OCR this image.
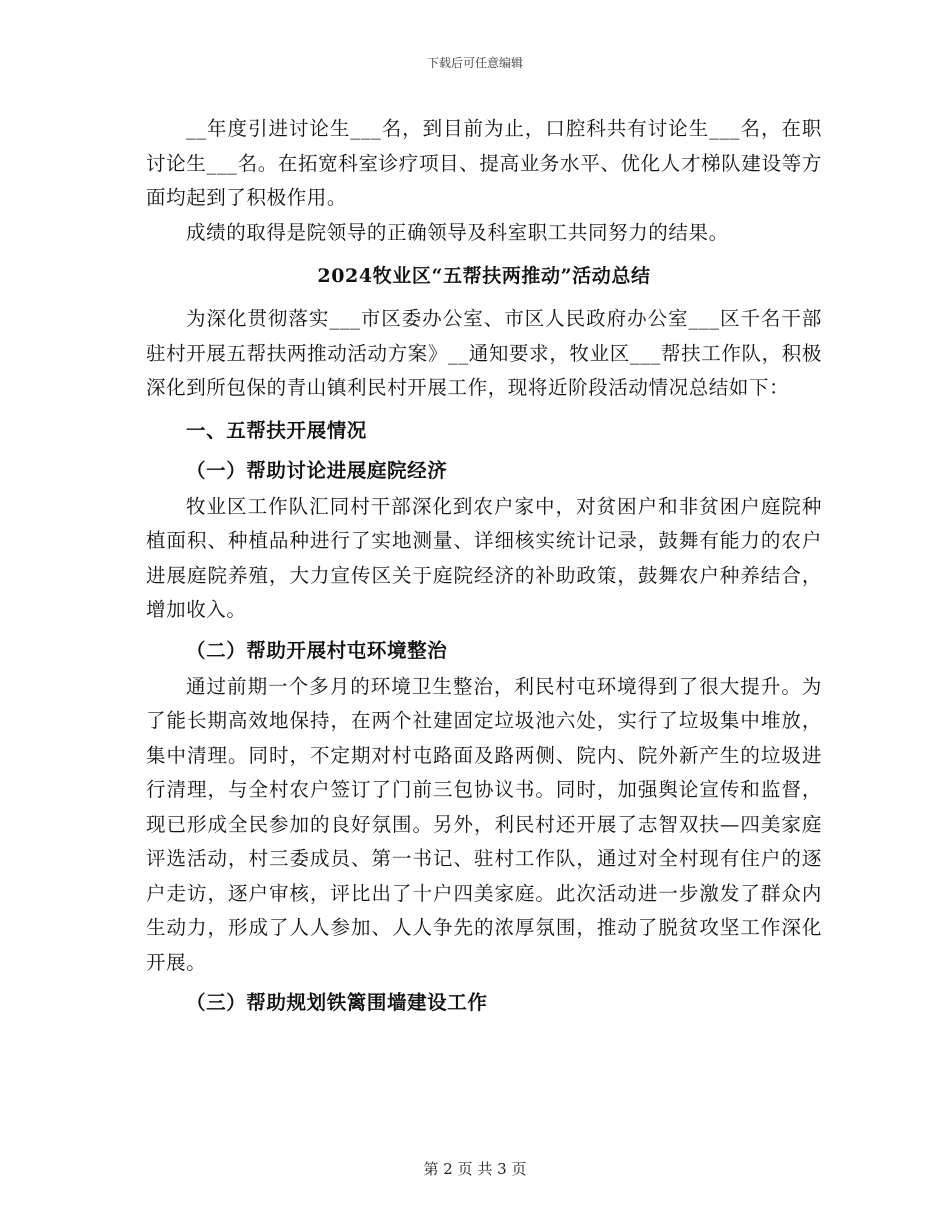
下载后可任意编辑

__年度引进讨论生___名，到目前为止，口腔科共有讨论生___名，在职讨论生___名。在拓宽科室诊疗项目、提高业务水平、优化人才梯队建设等方面均起到了积极作用。

成绩的取得是院领导的正确领导及科室职工共同努力的结果。

2024牧业区“五帮扶两推动”活动总结

为深化贯彻落实___市区委办公室、市区人民政府办公室___区千名干部驻村开展五帮扶两推动活动方案》__通知要求，牧业区___帮扶工作队，积极深化到所包保的青山镇利民村开展工作，现将近阶段活动情况总结如下：

一、五帮扶开展情况
（一）帮助讨论进展庭院经济

牧业区工作队汇同村干部深化到农户家中，对贫困户和非贫困户庭院种植面积、种植品种进行了实地测量、详细核实统计记录，鼓舞有能力的农户进展庭院养殖，大力宣传区关于庭院经济的补助政策，鼓舞农户种养结合，增加收入。

（二）帮助开展村屯环境整治

通过前期一个多月的环境卫生整治，利民村屯环境得到了很大提升。为了能长期高效地保持，在两个社建固定垃圾池六处，实行了垃圾集中堆放，集中清理。同时，不定期对村屯路面及路两侧、院内、院外新产生的垃圾进行清理，与全村农户签订了门前三包协议书。同时，加强舆论宣传和监督，现已形成全民参加的良好氛围。另外，利民村还开展了志智双扶—四美家庭评选活动，村三委成员、第一书记、驻村工作队，通过对全村现有住户的逐户走访，逐户审核，评比出了十户四美家庭。此次活动进一步激发了群众内生动力，形成了人人参加、人人争先的浓厚氛围，推动了脱贫攻坚工作深化开展。

（三）帮助规划铁篱围墙建设工作
第 2 页 共 3 页
